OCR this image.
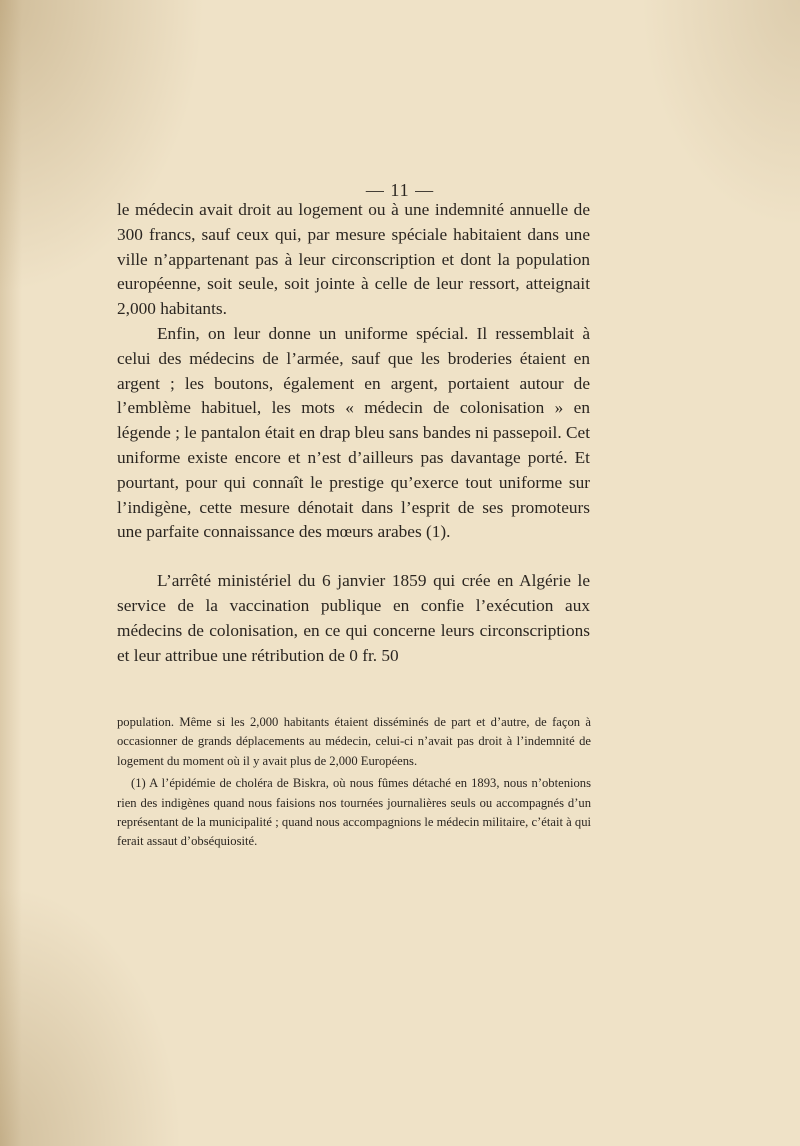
— 11 —

le médecin avait droit au logement ou à une indemnité annuelle de 300 francs, sauf ceux qui, par mesure spéciale habitaient dans une ville n’appartenant pas à leur circonscription et dont la population européenne, soit seule, soit jointe à celle de leur ressort, atteignait 2,000 habitants.

Enfin, on leur donne un uniforme spécial. Il ressemblait à celui des médecins de l’armée, sauf que les broderies étaient en argent ; les boutons, également en argent, portaient autour de l’emblème habituel, les mots « médecin de colonisation » en légende ; le pantalon était en drap bleu sans bandes ni passepoil. Cet uniforme existe encore et n’est d’ailleurs pas davantage porté. Et pourtant, pour qui connaît le prestige qu’exerce tout uniforme sur l’indigène, cette mesure dénotait dans l’esprit de ses promoteurs une parfaite connaissance des mœurs arabes (1).

L’arrêté ministériel du 6 janvier 1859 qui crée en Algérie le service de la vaccination publique en confie l’exécution aux médecins de colonisation, en ce qui concerne leurs circonscriptions et leur attribue une rétribution de 0 fr. 50

population. Même si les 2,000 habitants étaient disséminés de part et d’autre, de façon à occasionner de grands déplacements au médecin, celui-ci n’avait pas droit à l’indemnité de logement du moment où il y avait plus de 2,000 Européens.

(1) A l’épidémie de choléra de Biskra, où nous fûmes détaché en 1893, nous n’obtenions rien des indigènes quand nous faisions nos tournées journalières seuls ou accompagnés d’un représentant de la municipalité ; quand nous accompagnions le médecin militaire, c’était à qui ferait assaut d’obséquiosité.
